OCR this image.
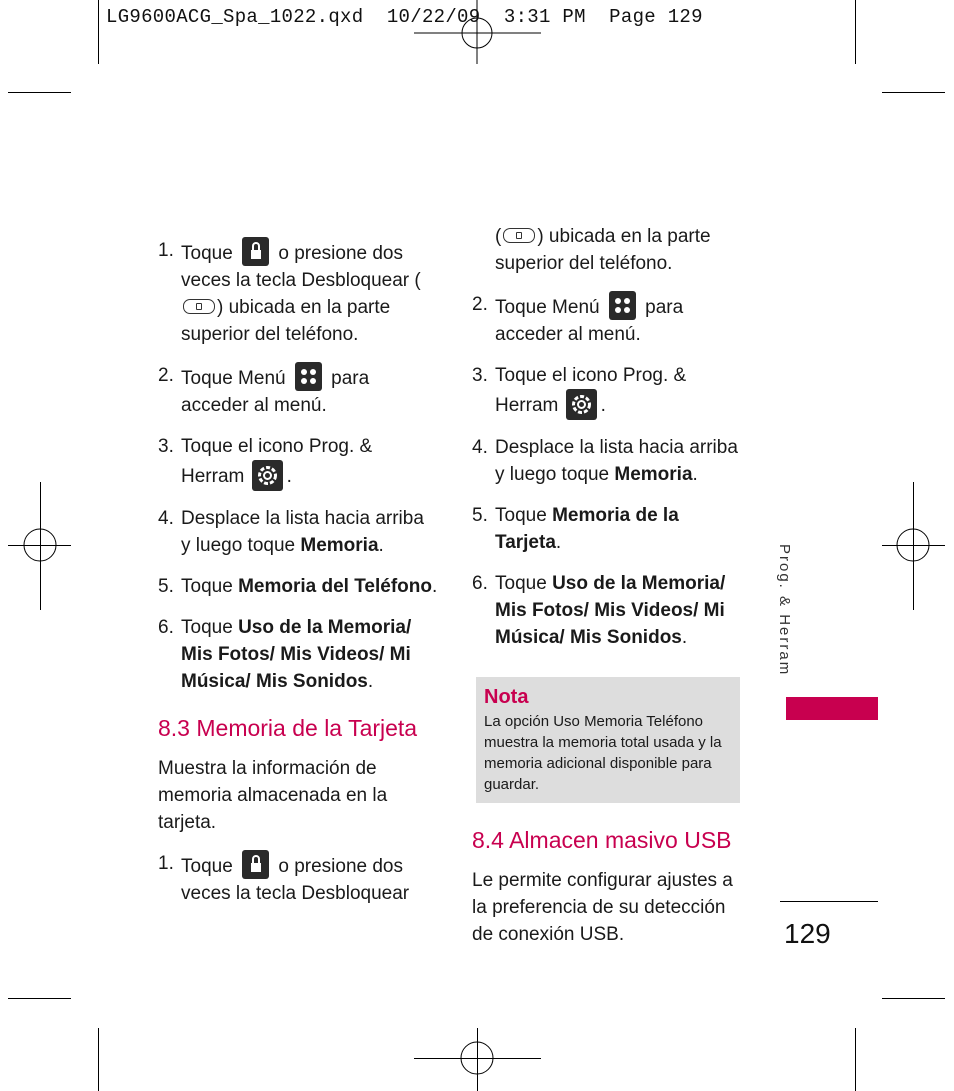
LG9600ACG_Spa_1022.qxd  10/22/09  3:31 PM  Page 129
1. Toque o presione dos veces la tecla Desbloquear () ubicada en la parte superior del teléfono.
2. Toque Menú para acceder al menú.
3. Toque el icono Prog. & Herram .
4. Desplace la lista hacia arriba y luego toque Memoria.
5. Toque Memoria del Teléfono.
6. Toque Uso de la Memoria/ Mis Fotos/ Mis Videos/ Mi Música/ Mis Sonidos.
8.3 Memoria de la Tarjeta
Muestra la información de memoria almacenada en la tarjeta.
1. Toque o presione dos veces la tecla Desbloquear
( ) ubicada en la parte superior del teléfono.
2. Toque Menú para acceder al menú.
3. Toque el icono Prog. & Herram .
4. Desplace la lista hacia arriba y luego toque Memoria.
5. Toque Memoria de la Tarjeta.
6. Toque Uso de la Memoria/ Mis Fotos/ Mis Videos/ Mi Música/ Mis Sonidos.
Nota
La opción Uso Memoria Teléfono muestra la memoria total usada y la memoria adicional disponible para guardar.
8.4 Almacen masivo USB
Le permite configurar ajustes a la preferencia de su detección de conexión USB.
Prog. & Herram
129
